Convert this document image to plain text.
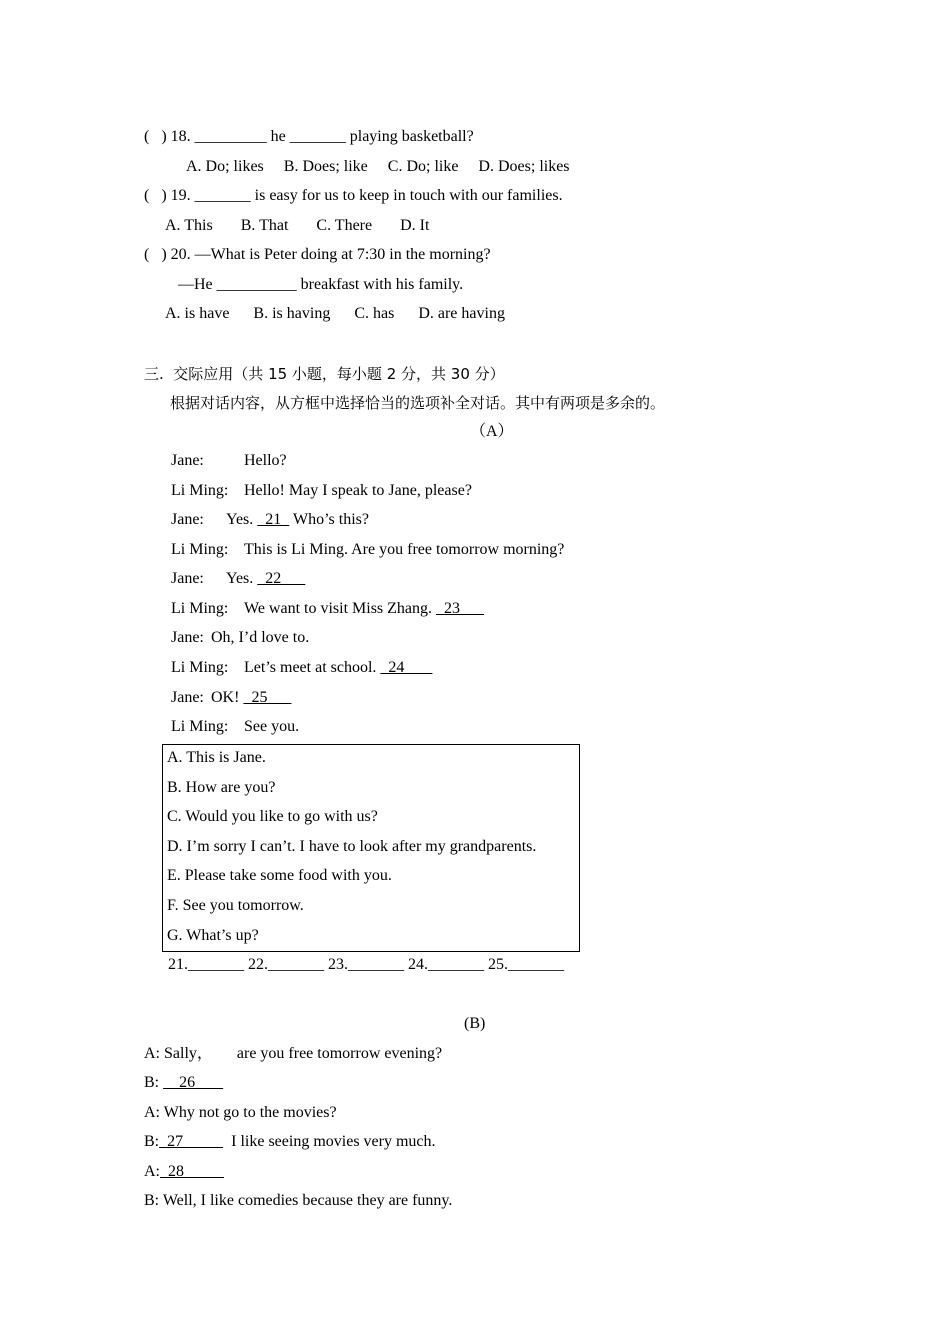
(   ) 18. _________ he _______ playing basketball?
A. Do; likes     B. Does; like     C. Do; like     D. Does; likes
(   ) 19. _______ is easy for us to keep in touch with our families.
A. This       B. That       C. There       D. It
(   ) 20. —What is Peter doing at 7:30 in the morning?
—He __________ breakfast with his family.
A. is have      B. is having      C. has      D. are having
三.  交际应用（共 15 小题，每小题 2 分，共 30 分）
根据对话内容，从方框中选择恰当的选项补全对话。其中有两项是多余的。
（A）
Jane:	Hello?
Li Ming: Hello! May I speak to Jane, please?
Jane: Yes.   21   Who’s this?
Li Ming: This is Li Ming. Are you free tomorrow morning?
Jane: Yes.   22
Li Ming: We want to visit Miss Zhang.   23
Jane: Oh, I’d love to.
Li Ming: Let’s meet at school.   24
Jane: OK!   25
Li Ming: See you.
A. This is Jane.
B. How are you?
C. Would you like to go with us?
D. I’m sorry I can’t. I have to look after my grandparents.
E. Please take some food with you.
F. See you tomorrow.
G. What’s up?
21._______ 22._______ 23._______ 24._______ 25._______
(B)
A: Sally，      are you free tomorrow evening?
B:     26
A: Why not go to the movies?
B:  27            I like seeing movies very much.
A:  28
B: Well, I like comedies because they are funny.
